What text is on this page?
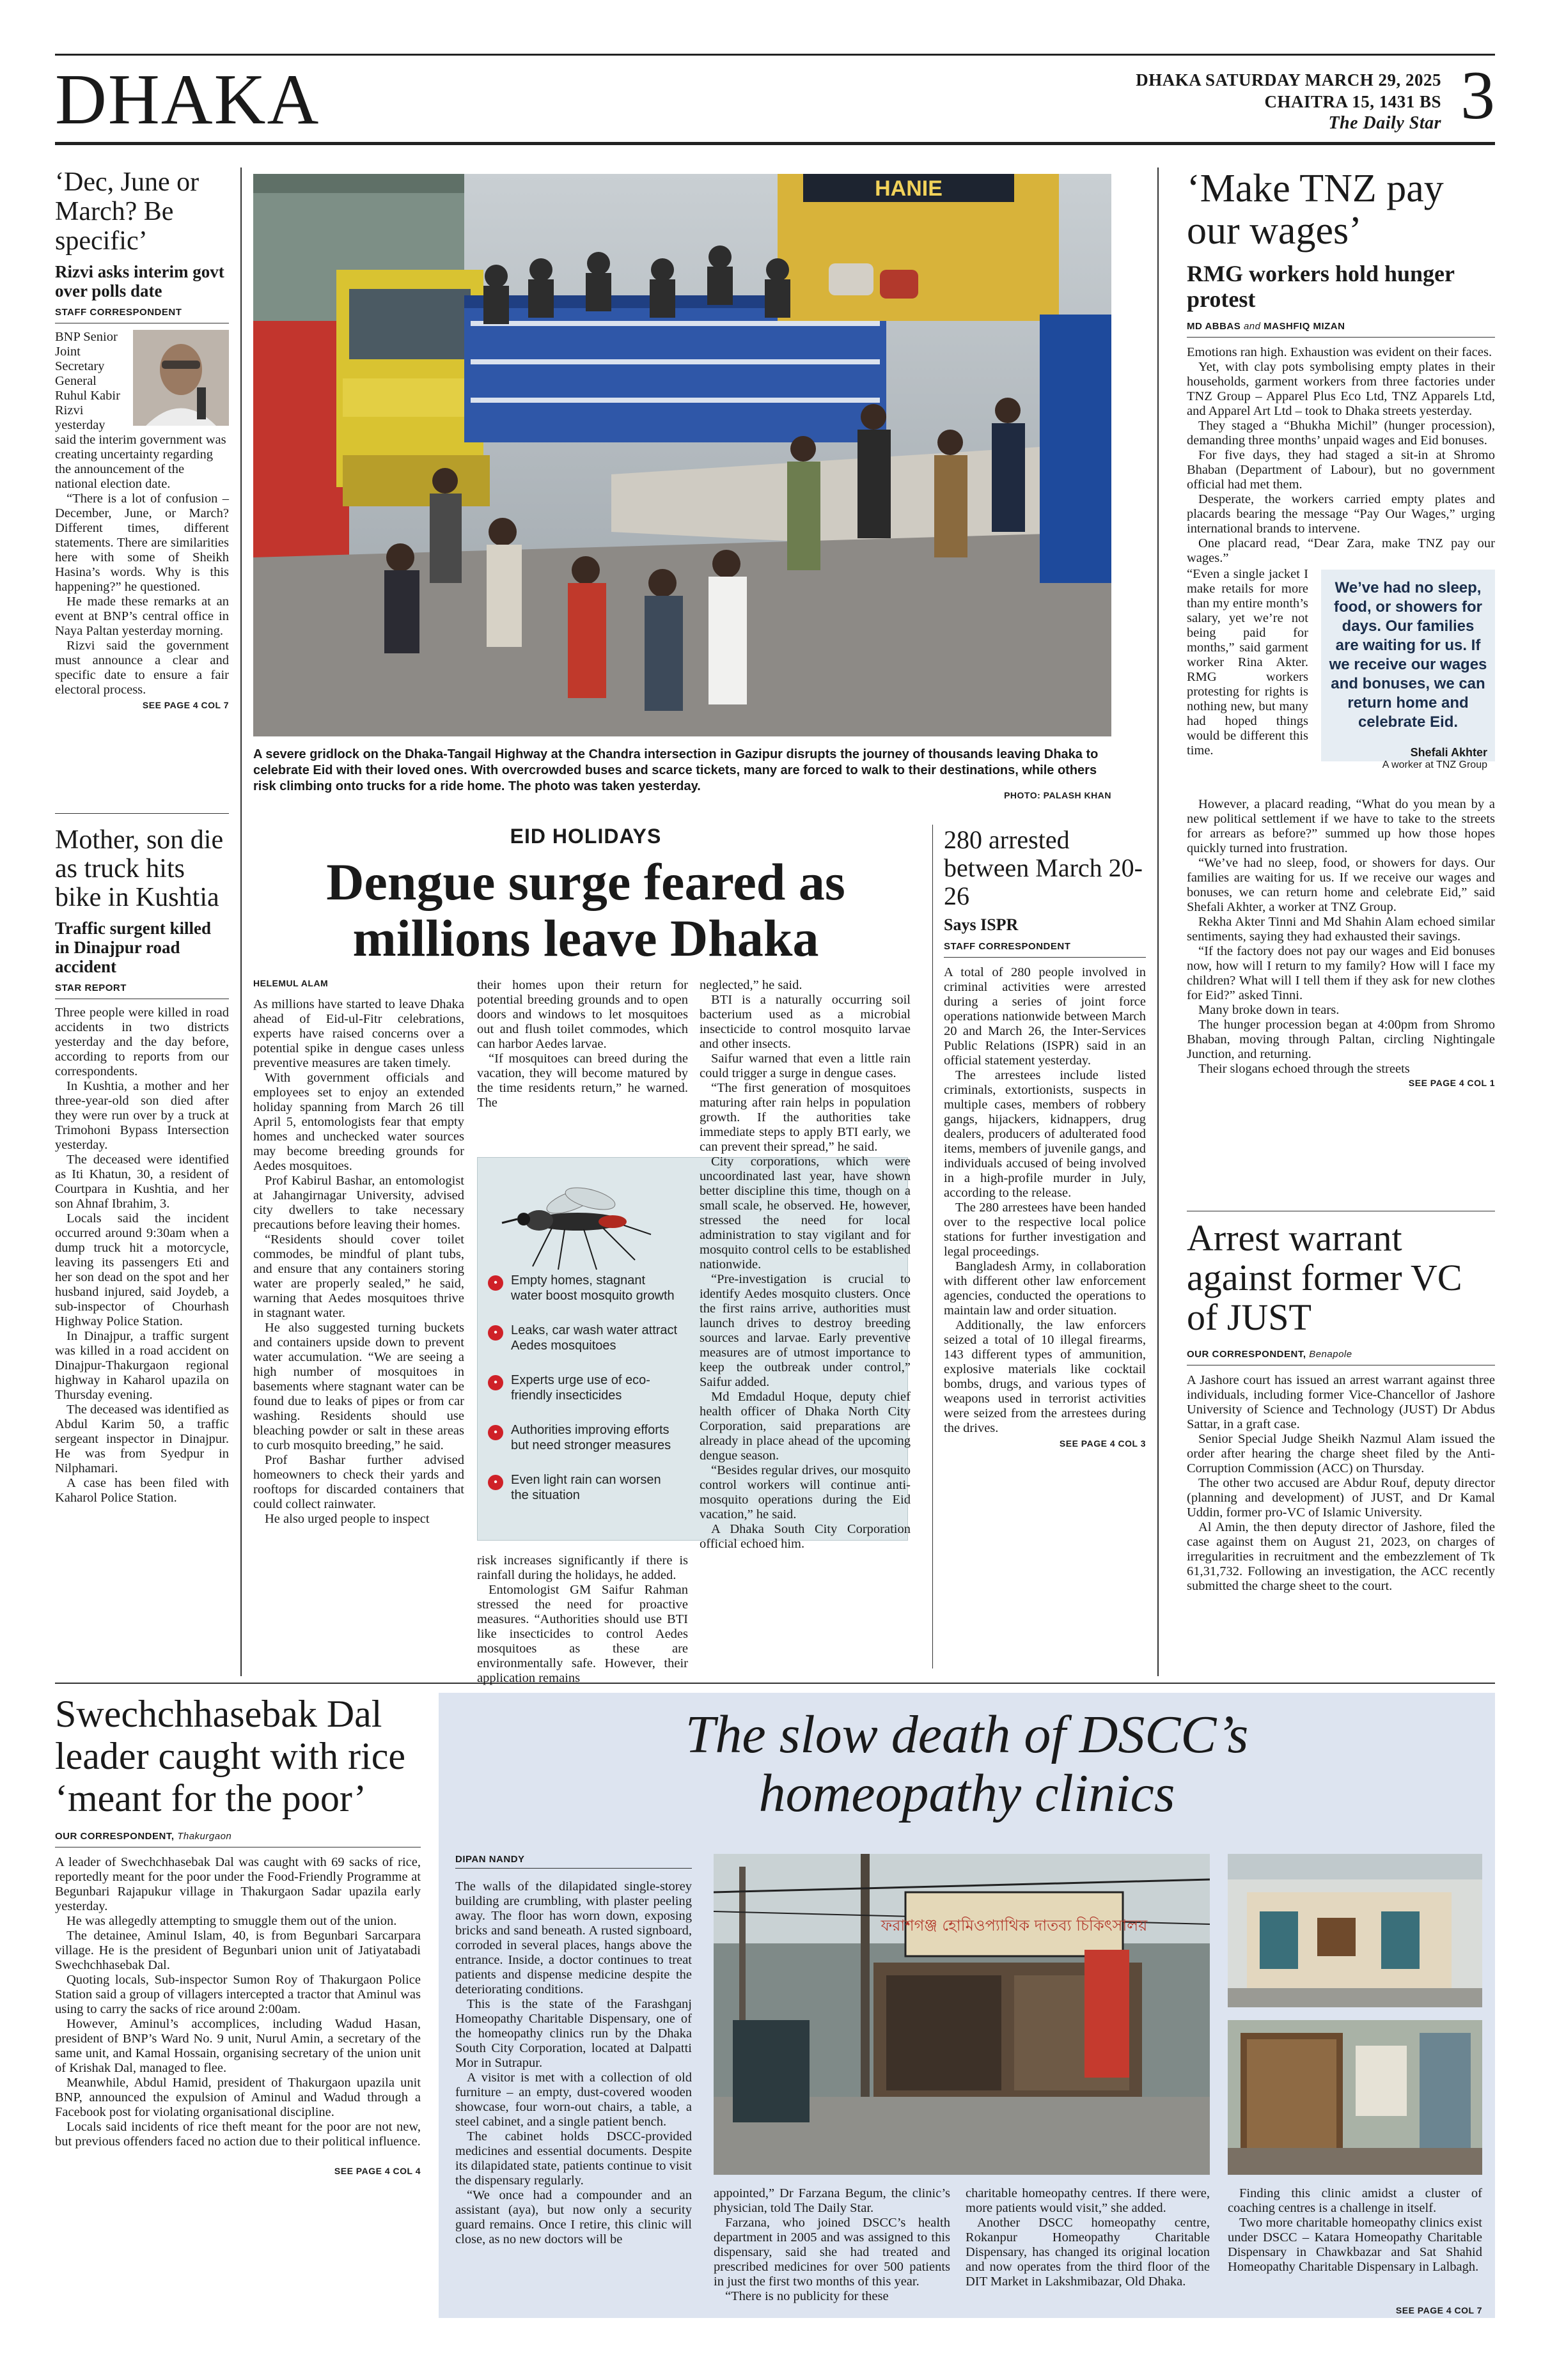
DHAKA	DHAKA SATURDAY MARCH 29, 2025
CHAITRA 15, 1431 BS
The Daily Star 3
‘Dec, June or March? Be specific’
Rizvi asks interim govt over polls date
STAFF CORRESPONDENT
BNP Senior Joint Secretary General Ruhul Kabir Rizvi yesterday said the interim government was creating uncertainty regarding the announcement of the national election date.

“There is a lot of confusion – December, June, or March? Different times, different statements. There are similarities here with some of Sheikh Hasina’s words. Why is this happening?” he questioned.

He made these remarks at an event at BNP’s central office in Naya Paltan yesterday morning.

Rizvi said the government must announce a clear and specific date to ensure a fair electoral process.

SEE PAGE 4 COL 7
Mother, son die as truck hits bike in Kushtia
Traffic surgent killed in Dinajpur road accident
STAR REPORT

Three people were killed in road accidents in two districts yesterday and the day before, according to reports from our correspondents.

In Kushtia, a mother and her three-year-old son died after they were run over by a truck at Trimohoni Bypass Intersection yesterday.

The deceased were identified as Iti Khatun, 30, a resident of Courtpara in Kushtia, and her son Ahnaf Ibrahim, 3.

Locals said the incident occurred around 9:30am when a dump truck hit a motorcycle, leaving its passengers Eti and her son dead on the spot and her husband injured, said Joydeb, a sub-inspector of Chourhash Highway Police Station.

In Dinajpur, a traffic surgent was killed in a road accident on Dinajpur-Thakurgaon regional highway in Kaharol upazila on Thursday evening.

The deceased was identified as Abdul Karim 50, a traffic sergeant inspector in Dinajpur. He was from Syedpur in Nilphamari.

A case has been filed with Kaharol Police Station.

HANIE
A severe gridlock on the Dhaka-Tangail Highway at the Chandra intersection in Gazipur disrupts the journey of thousands leaving Dhaka to celebrate Eid with their loved ones. With overcrowded buses and scarce tickets, many are forced to walk to their destinations, while others risk climbing onto trucks for a ride home. The photo was taken yesterday.
PHOTO: PALASH KHAN
EID HOLIDAYS
Dengue surge feared as millions leave Dhaka
HELEMUL ALAM

As millions have started to leave Dhaka ahead of Eid-ul-Fitr celebrations, experts have raised concerns over a potential spike in dengue cases unless preventive measures are taken timely.

With government officials and employees set to enjoy an extended holiday spanning from March 26 till April 5, entomologists fear that empty homes and unchecked water sources may become breeding grounds for Aedes mosquitoes.

Prof Kabirul Bashar, an entomologist at Jahangirnagar University, advised city dwellers to take necessary precautions before leaving their homes.

“Residents should cover toilet commodes, be mindful of plant tubs, and ensure that any containers storing water are properly sealed,” he said, warning that Aedes mosquitoes thrive in stagnant water.

He also suggested turning buckets and containers upside down to prevent water accumulation. “We are seeing a high number of mosquitoes in basements where stagnant water can be found due to leaks of pipes or from car washing. Residents should use bleaching powder or salt in these areas to curb mosquito breeding,” he said.

Prof Bashar further advised homeowners to check their yards and rooftops for discarded containers that could collect rainwater.

He also urged people to inspect

their homes upon their return for potential breeding grounds and to open doors and windows to let mosquitoes out and flush toilet commodes, which can harbor Aedes larvae.

“If mosquitoes can breed during the vacation, they will become matured by the time residents return,” he warned. The

•	Empty homes, stagnant water boost mosquito growth
•	Leaks, car wash water attract Aedes mosquitoes
•	Experts urge use of eco-friendly insecticides
•	Authorities improving efforts but need stronger measures
•	Even light rain can worsen the situation

risk increases significantly if there is rainfall during the holidays, he added.

Entomologist GM Saifur Rahman stressed the need for proactive measures. “Authorities should use BTI like insecticides to control Aedes mosquitoes as these are environmentally safe. However, their application remains

neglected,” he said.

BTI is a naturally occurring soil bacterium used as a microbial insecticide to control mosquito larvae and other insects.

Saifur warned that even a little rain could trigger a surge in dengue cases.

“The first generation of mosquitoes maturing after rain helps in population growth. If the authorities take immediate steps to apply BTI early, we can prevent their spread,” he said.

City corporations, which were uncoordinated last year, have shown better discipline this time, though on a small scale, he observed. He, however, stressed the need for local administration to stay vigilant and for mosquito control cells to be established nationwide.

“Pre-investigation is crucial to identify Aedes mosquito clusters. Once the first rains arrive, authorities must launch drives to destroy breeding sources and larvae. Early preventive measures are of utmost importance to keep the outbreak under control,” Saifur added.

Md Emdadul Hoque, deputy chief health officer of Dhaka North City Corporation, said preparations are already in place ahead of the upcoming dengue season.

“Besides regular drives, our mosquito control workers will continue anti-mosquito operations during the Eid vacation,” he said.

A Dhaka South City Corporation official echoed him.

280 arrested between March 20-26
Says ISPR
STAFF CORRESPONDENT

A total of 280 people involved in criminal activities were arrested during a series of joint force operations nationwide between March 20 and March 26, the Inter-Services Public Relations (ISPR) said in an official statement yesterday.

The arrestees include listed criminals, extortionists, suspects in multiple cases, members of robbery gangs, hijackers, kidnappers, drug dealers, producers of adulterated food items, members of juvenile gangs, and individuals accused of being involved in a high-profile murder in July, according to the release.

The 280 arrestees have been handed over to the respective local police stations for further investigation and legal proceedings.

Bangladesh Army, in collaboration with different other law enforcement agencies, conducted the operations to maintain law and order situation.

Additionally, the law enforcers seized a total of 10 illegal firearms, 143 different types of ammunition, explosive materials like cocktail bombs, drugs, and various types of weapons used in terrorist activities were seized from the arrestees during the drives.

SEE PAGE 4 COL 3
‘Make TNZ pay our wages’
RMG workers hold hunger protest
MD ABBAS and MASHFIQ MIZAN

Emotions ran high. Exhaustion was evident on their faces.

Yet, with clay pots symbolising empty plates in their households, garment workers from three factories under TNZ Group – Apparel Plus Eco Ltd, TNZ Apparels Ltd, and Apparel Art Ltd – took to Dhaka streets yesterday.

They staged a “Bhukha Michil” (hunger procession), demanding three months’ unpaid wages and Eid bonuses.

For five days, they had staged a sit-in at Shromo Bhaban (Department of Labour), but no government official had met them.

Desperate, the workers carried empty plates and placards bearing the message “Pay Our Wages,” urging international brands to intervene.

One placard read, “Dear Zara, make TNZ pay our wages.”

“Even a single jacket I make retails for more than my entire month’s salary, yet we’re not being paid for months,” said garment worker Rina Akter. RMG workers protesting for rights is nothing new, but many had hoped things would be different this time.
We’ve had no sleep, food, or showers for days. Our families are waiting for us. If we receive our wages and bonuses, we can return home and celebrate Eid.
Shefali Akhter
A worker at TNZ Group

However, a placard reading, “What do you mean by a new political settlement if we have to take to the streets for arrears as before?” summed up how those hopes quickly turned into frustration.

“We’ve had no sleep, food, or showers for days. Our families are waiting for us. If we receive our wages and bonuses, we can return home and celebrate Eid,” said Shefali Akhter, a worker at TNZ Group.

Rekha Akter Tinni and Md Shahin Alam echoed similar sentiments, saying they had exhausted their savings.

“If the factory does not pay our wages and Eid bonuses now, how will I return to my family? How will I face my children? What will I tell them if they ask for new clothes for Eid?” asked Tinni.

Many broke down in tears.

The hunger procession began at 4:00pm from Shromo Bhaban, moving through Paltan, circling Nightingale Junction, and returning.

Their slogans echoed through the streets

SEE PAGE 4 COL 1
Arrest warrant against former VC of JUST
OUR CORRESPONDENT, Benapole

A Jashore court has issued an arrest warrant against three individuals, including former Vice-Chancellor of Jashore University of Science and Technology (JUST) Dr Abdus Sattar, in a graft case.

Senior Special Judge Sheikh Nazmul Alam issued the order after hearing the charge sheet filed by the Anti-Corruption Commission (ACC) on Thursday.

The other two accused are Abdur Rouf, deputy director (planning and development) of JUST, and Dr Kamal Uddin, former pro-VC of Islamic University.

Al Amin, the then deputy director of Jashore, filed the case against them on August 21, 2023, on charges of irregularities in recruitment and the embezzlement of Tk 61,31,732. Following an investigation, the ACC recently submitted the charge sheet to the court.

Swechchhasebak Dal leader caught with rice ‘meant for the poor’
OUR CORRESPONDENT, Thakurgaon

A leader of Swechchhasebak Dal was caught with 69 sacks of rice, reportedly meant for the poor under the Food-Friendly Programme at Begunbari Rajapukur village in Thakurgaon Sadar upazila early yesterday.

He was allegedly attempting to smuggle them out of the union.

The detainee, Aminul Islam, 40, is from Begunbari Sarcarpara village. He is the president of Begunbari union unit of Jatiyatabadi Swechchhasebak Dal.

Quoting locals, Sub-inspector Sumon Roy of Thakurgaon Police Station said a group of villagers intercepted a tractor that Aminul was using to carry the sacks of rice around 2:00am.

However, Aminul’s accomplices, including Wadud Hasan, president of BNP’s Ward No. 9 unit, Nurul Amin, a secretary of the same unit, and Kamal Hossain, organising secretary of the union unit of Krishak Dal, managed to flee.

Meanwhile, Abdul Hamid, president of Thakurgaon upazila unit BNP, announced the expulsion of Aminul and Wadud through a Facebook post for violating organisational discipline.

Locals said incidents of rice theft meant for the poor are not new, but previous offenders faced no action due to their political influence.

SEE PAGE 4 COL 4
The slow death of DSCC’s homeopathy clinics
DIPAN NANDY

The walls of the dilapidated single-storey building are crumbling, with plaster peeling away. The floor has worn down, exposing bricks and sand beneath. A rusted signboard, corroded in several places, hangs above the entrance. Inside, a doctor continues to treat patients and dispense medicine despite the deteriorating conditions.

This is the state of the Farashganj Homeopathy Charitable Dispensary, one of the homeopathy clinics run by the Dhaka South City Corporation, located at Dalpatti Mor in Sutrapur.

A visitor is met with a collection of old furniture – an empty, dust-covered wooden showcase, four worn-out chairs, a table, a steel cabinet, and a single patient bench.

The cabinet holds DSCC-provided medicines and essential documents. Despite its dilapidated state, patients continue to visit the dispensary regularly.

“We once had a compounder and an assistant (aya), but now only a security guard remains. Once I retire, this clinic will close, as no new doctors will be

ফরাশগঞ্জ হোমিওপ্যাথিক দাতব্য চিকিৎসালয়

appointed,” Dr Farzana Begum, the clinic’s physician, told The Daily Star.

Farzana, who joined DSCC’s health department in 2005 and was assigned to this dispensary, said she had treated and prescribed medicines for over 500 patients in just the first two months of this year.

“There is no publicity for these

charitable homeopathy centres. If there were, more patients would visit,” she added.

Another DSCC homeopathy centre, Rokanpur Homeopathy Charitable Dispensary, has changed its original location and now operates from the third floor of the DIT Market in Lakshmibazar, Old Dhaka.

Finding this clinic amidst a cluster of coaching centres is a challenge in itself.

Two more charitable homeopathy clinics exist under DSCC – Katara Homeopathy Charitable Dispensary in Chawkbazar and Sat Shahid Homeopathy Charitable Dispensary in Lalbagh.

SEE PAGE 4 COL 7
